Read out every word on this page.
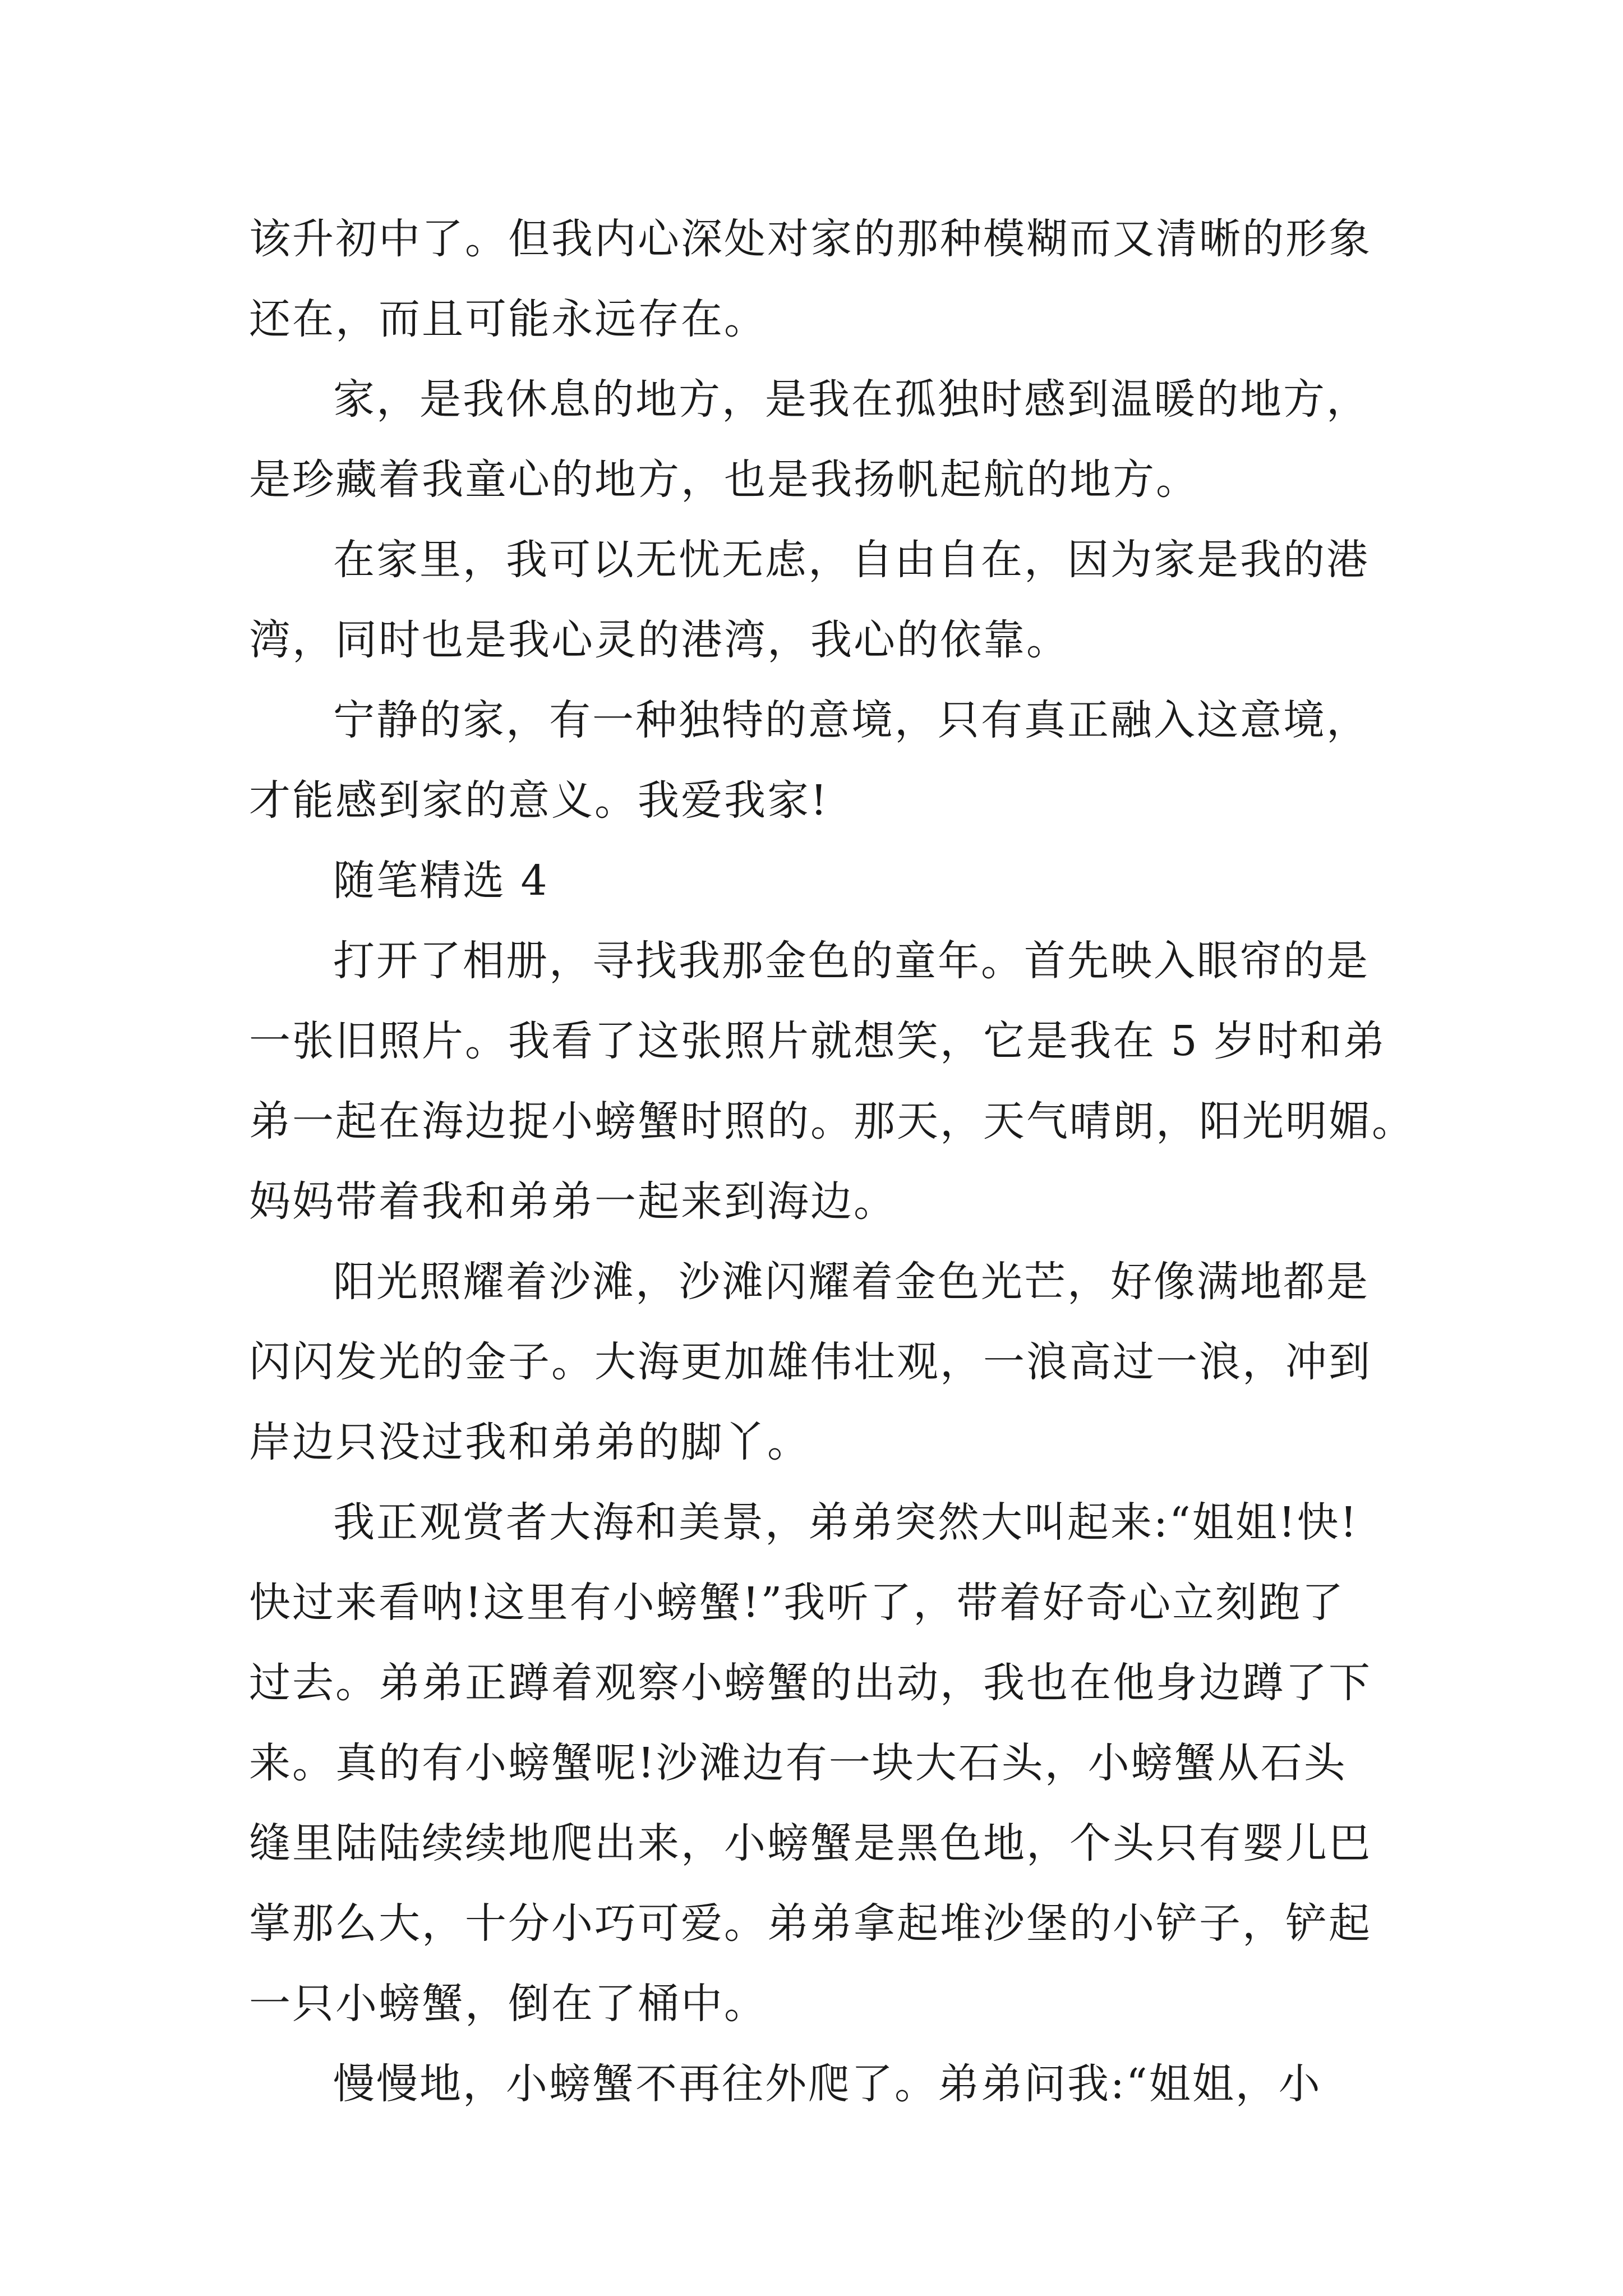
该升初中了。但我内心深处对家的那种模糊而又清晰的形象
还在，而且可能永远存在。
家，是我休息的地方，是我在孤独时感到温暖的地方，
是珍藏着我童心的地方，也是我扬帆起航的地方。
在家里，我可以无忧无虑，自由自在，因为家是我的港
湾，同时也是我心灵的港湾，我心的依靠。
宁静的家，有一种独特的意境，只有真正融入这意境，
才能感到家的意义。我爱我家!
随笔精选 4
打开了相册，寻找我那金色的童年。首先映入眼帘的是
一张旧照片。我看了这张照片就想笑，它是我在 5 岁时和弟
弟一起在海边捉小螃蟹时照的。那天，天气晴朗，阳光明媚。
妈妈带着我和弟弟一起来到海边。
阳光照耀着沙滩，沙滩闪耀着金色光芒，好像满地都是
闪闪发光的金子。大海更加雄伟壮观，一浪高过一浪，冲到
岸边只没过我和弟弟的脚丫。
我正观赏者大海和美景，弟弟突然大叫起来:“姐姐!快!
快过来看呐!这里有小螃蟹!”我听了，带着好奇心立刻跑了
过去。弟弟正蹲着观察小螃蟹的出动，我也在他身边蹲了下
来。真的有小螃蟹呢!沙滩边有一块大石头，小螃蟹从石头
缝里陆陆续续地爬出来，小螃蟹是黑色地，个头只有婴儿巴
掌那么大，十分小巧可爱。弟弟拿起堆沙堡的小铲子，铲起
一只小螃蟹，倒在了桶中。
慢慢地，小螃蟹不再往外爬了。弟弟问我:“姐姐，小
